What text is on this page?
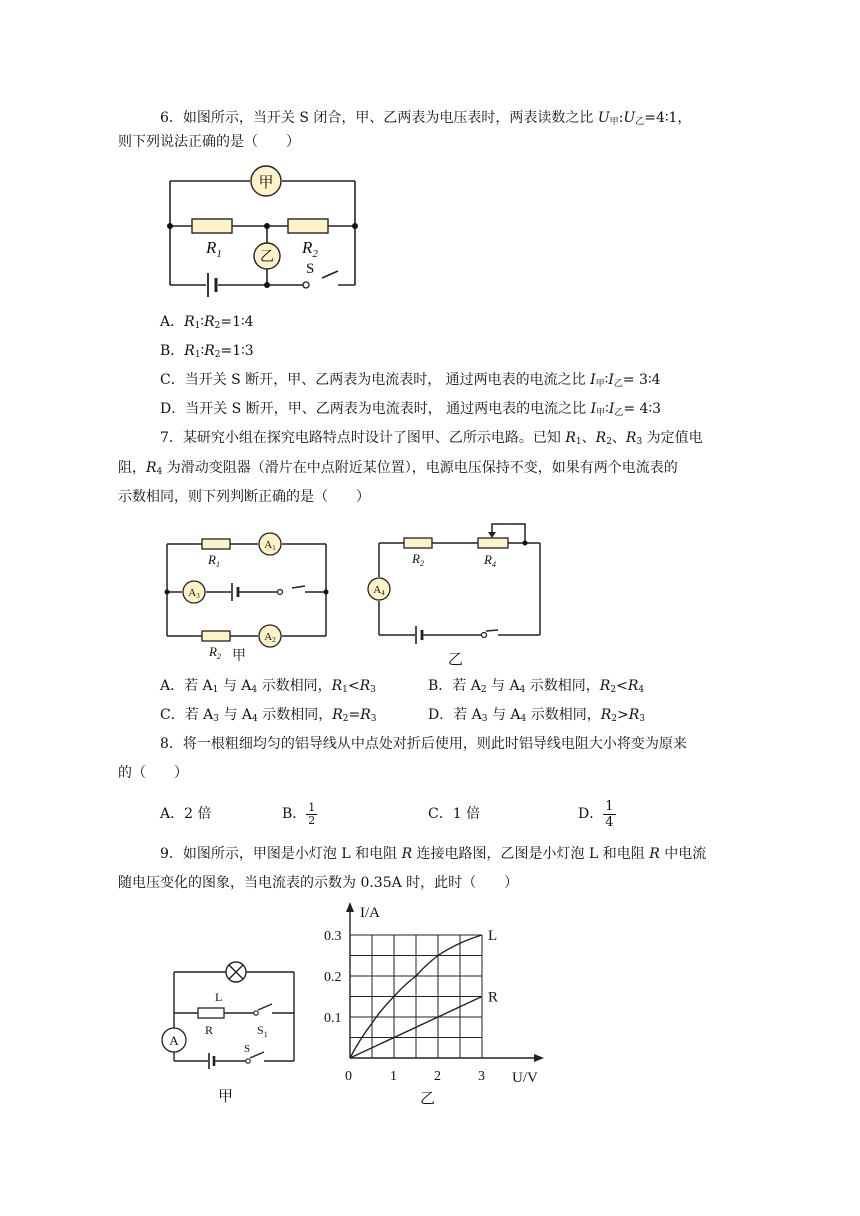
6．如图所示，当开关 S 闭合，甲、乙两表为电压表时，两表读数之比 $U_甲:U_乙=4∶1$，
则下列说法正确的是（　　）
甲
乙
$R_1$	$R_2$
S
A．$R_1∶R_2=1∶4$
B．$R_1∶R_2=1∶3$
C．当开关 S 断开，甲、乙两表为电流表时， 通过两电表的电流之比 $I_甲∶I_乙=$ 3∶4
D．当开关 S 断开，甲、乙两表为电流表时， 通过两电表的电流之比 $I_甲∶I_乙=$ 4∶3
7．某研究小组在探究电路特点时设计了图甲、乙所示电路。已知 $R_1$、$R_2$、$R_3$ 为定值电
阻，$R_4$ 为滑动变阻器（滑片在中点附近某位置），电源电压保持不变，如果有两个电流表的
示数相同，则下列判断正确的是（　　）
A1
A3
A2
$R_1$
$R_2$ 甲
A4
$R_2$	$R_4$
乙
A．若 $A_1$ 与 $A_4$ 示数相同，$R_1<R_3$	B．若 $A_2$ 与 $A_4$ 示数相同，$R_2<R_4$
C．若 $A_3$ 与 $A_4$ 示数相同，$R_2=R_3$	D．若 $A_3$ 与 $A_4$ 示数相同，$R_2>R_3$
8．将一根粗细均匀的铝导线从中点处对折后使用，则此时铝导线电阻大小将变为原来
的（　　）
A．2 倍	B． $\frac{1}{2}$	C．1 倍	D． $\frac{1}{4}$
9．如图所示，甲图是小灯泡 L 和电阻 R 连接电路图，乙图是小灯泡 L 和电阻 R 中电流
随电压变化的图象，当电流表的示数为 0.35A 时，此时（　　）
A
L
R	$S_1$
S
甲
L
R
0	1	2	3
0.1
0.2
0.3
I/A
U/V
乙
